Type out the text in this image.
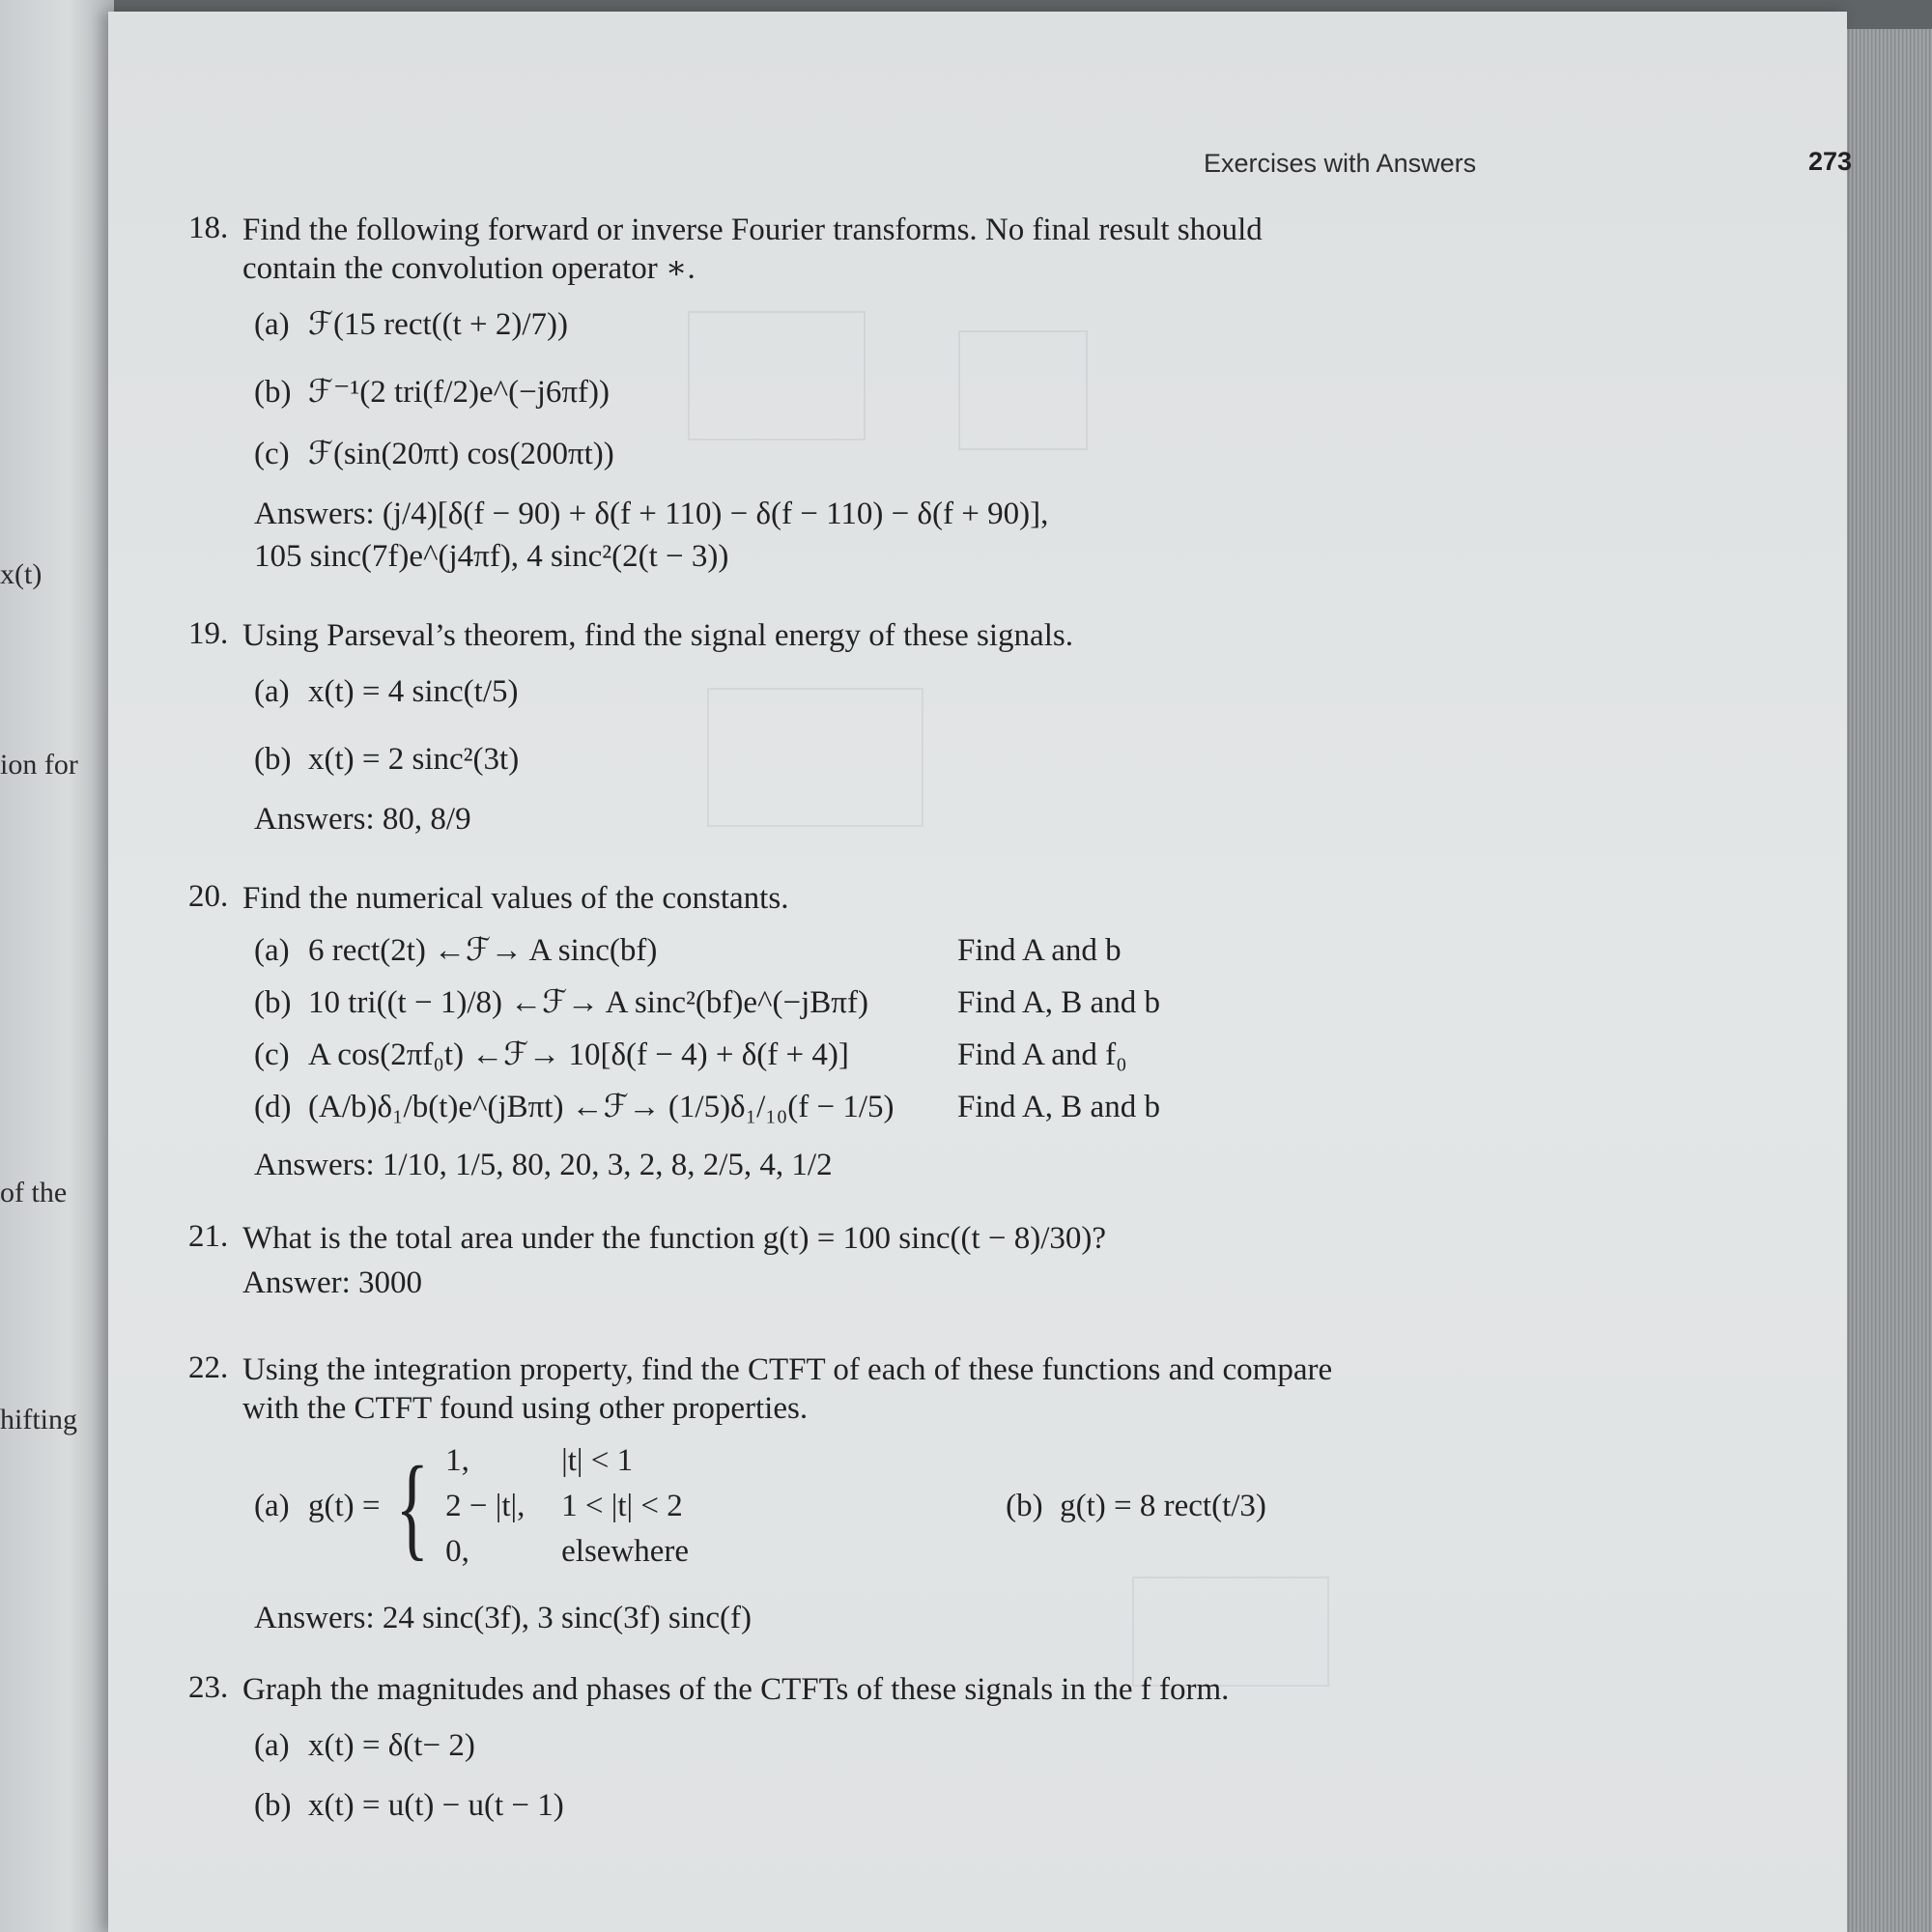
x(t)
ion for
of the
hifting
Exercises with Answers	273
18. Find the following forward or inverse Fourier transforms. No final result should contain the convolution operator ∗.
(a) ℱ(15 rect((t + 2)/7))
(b) ℱ⁻¹(2 tri(f/2)e^(−j6πf))
(c) ℱ(sin(20πt) cos(200πt))
Answers: (j/4)[δ(f − 90) + δ(f + 110) − δ(f − 110) − δ(f + 90)],
105 sinc(7f)e^(j4πf), 4 sinc²(2(t − 3))
19. Using Parseval’s theorem, find the signal energy of these signals.
(a) x(t) = 4 sinc(t/5)
(b) x(t) = 2 sinc²(3t)
Answers: 80, 8/9
20. Find the numerical values of the constants.
(a) 6 rect(2t) ←ℱ→ A sinc(bf)	Find A and b
(b) 10 tri((t − 1)/8) ←ℱ→ A sinc²(bf)e^(−jBπf)	Find A, B and b
(c) A cos(2πf₀t) ←ℱ→ 10[δ(f − 4) + δ(f + 4)]	Find A and f₀
(d) (A/b)δ₁/b(t)e^(jBπt) ←ℱ→ (1/5)δ₁/₁₀(f − 1/5)	Find A, B and b
Answers: 1/10, 1/5, 80, 20, 3, 2, 8, 2/5, 4, 1/2
21. What is the total area under the function g(t) = 100 sinc((t − 8)/30)?
Answer: 3000
22. Using the integration property, find the CTFT of each of these functions and compare with the CTFT found using other properties.
(a) g(t) = { 1,	|t| < 1
2 − |t|,	1 < |t| < 2
0,	elsewhere
(b) g(t) = 8 rect(t/3)
Answers: 24 sinc(3f), 3 sinc(3f) sinc(f)
23. Graph the magnitudes and phases of the CTFTs of these signals in the f form.
(a) x(t) = δ(t− 2)
(b) x(t) = u(t) − u(t − 1)
